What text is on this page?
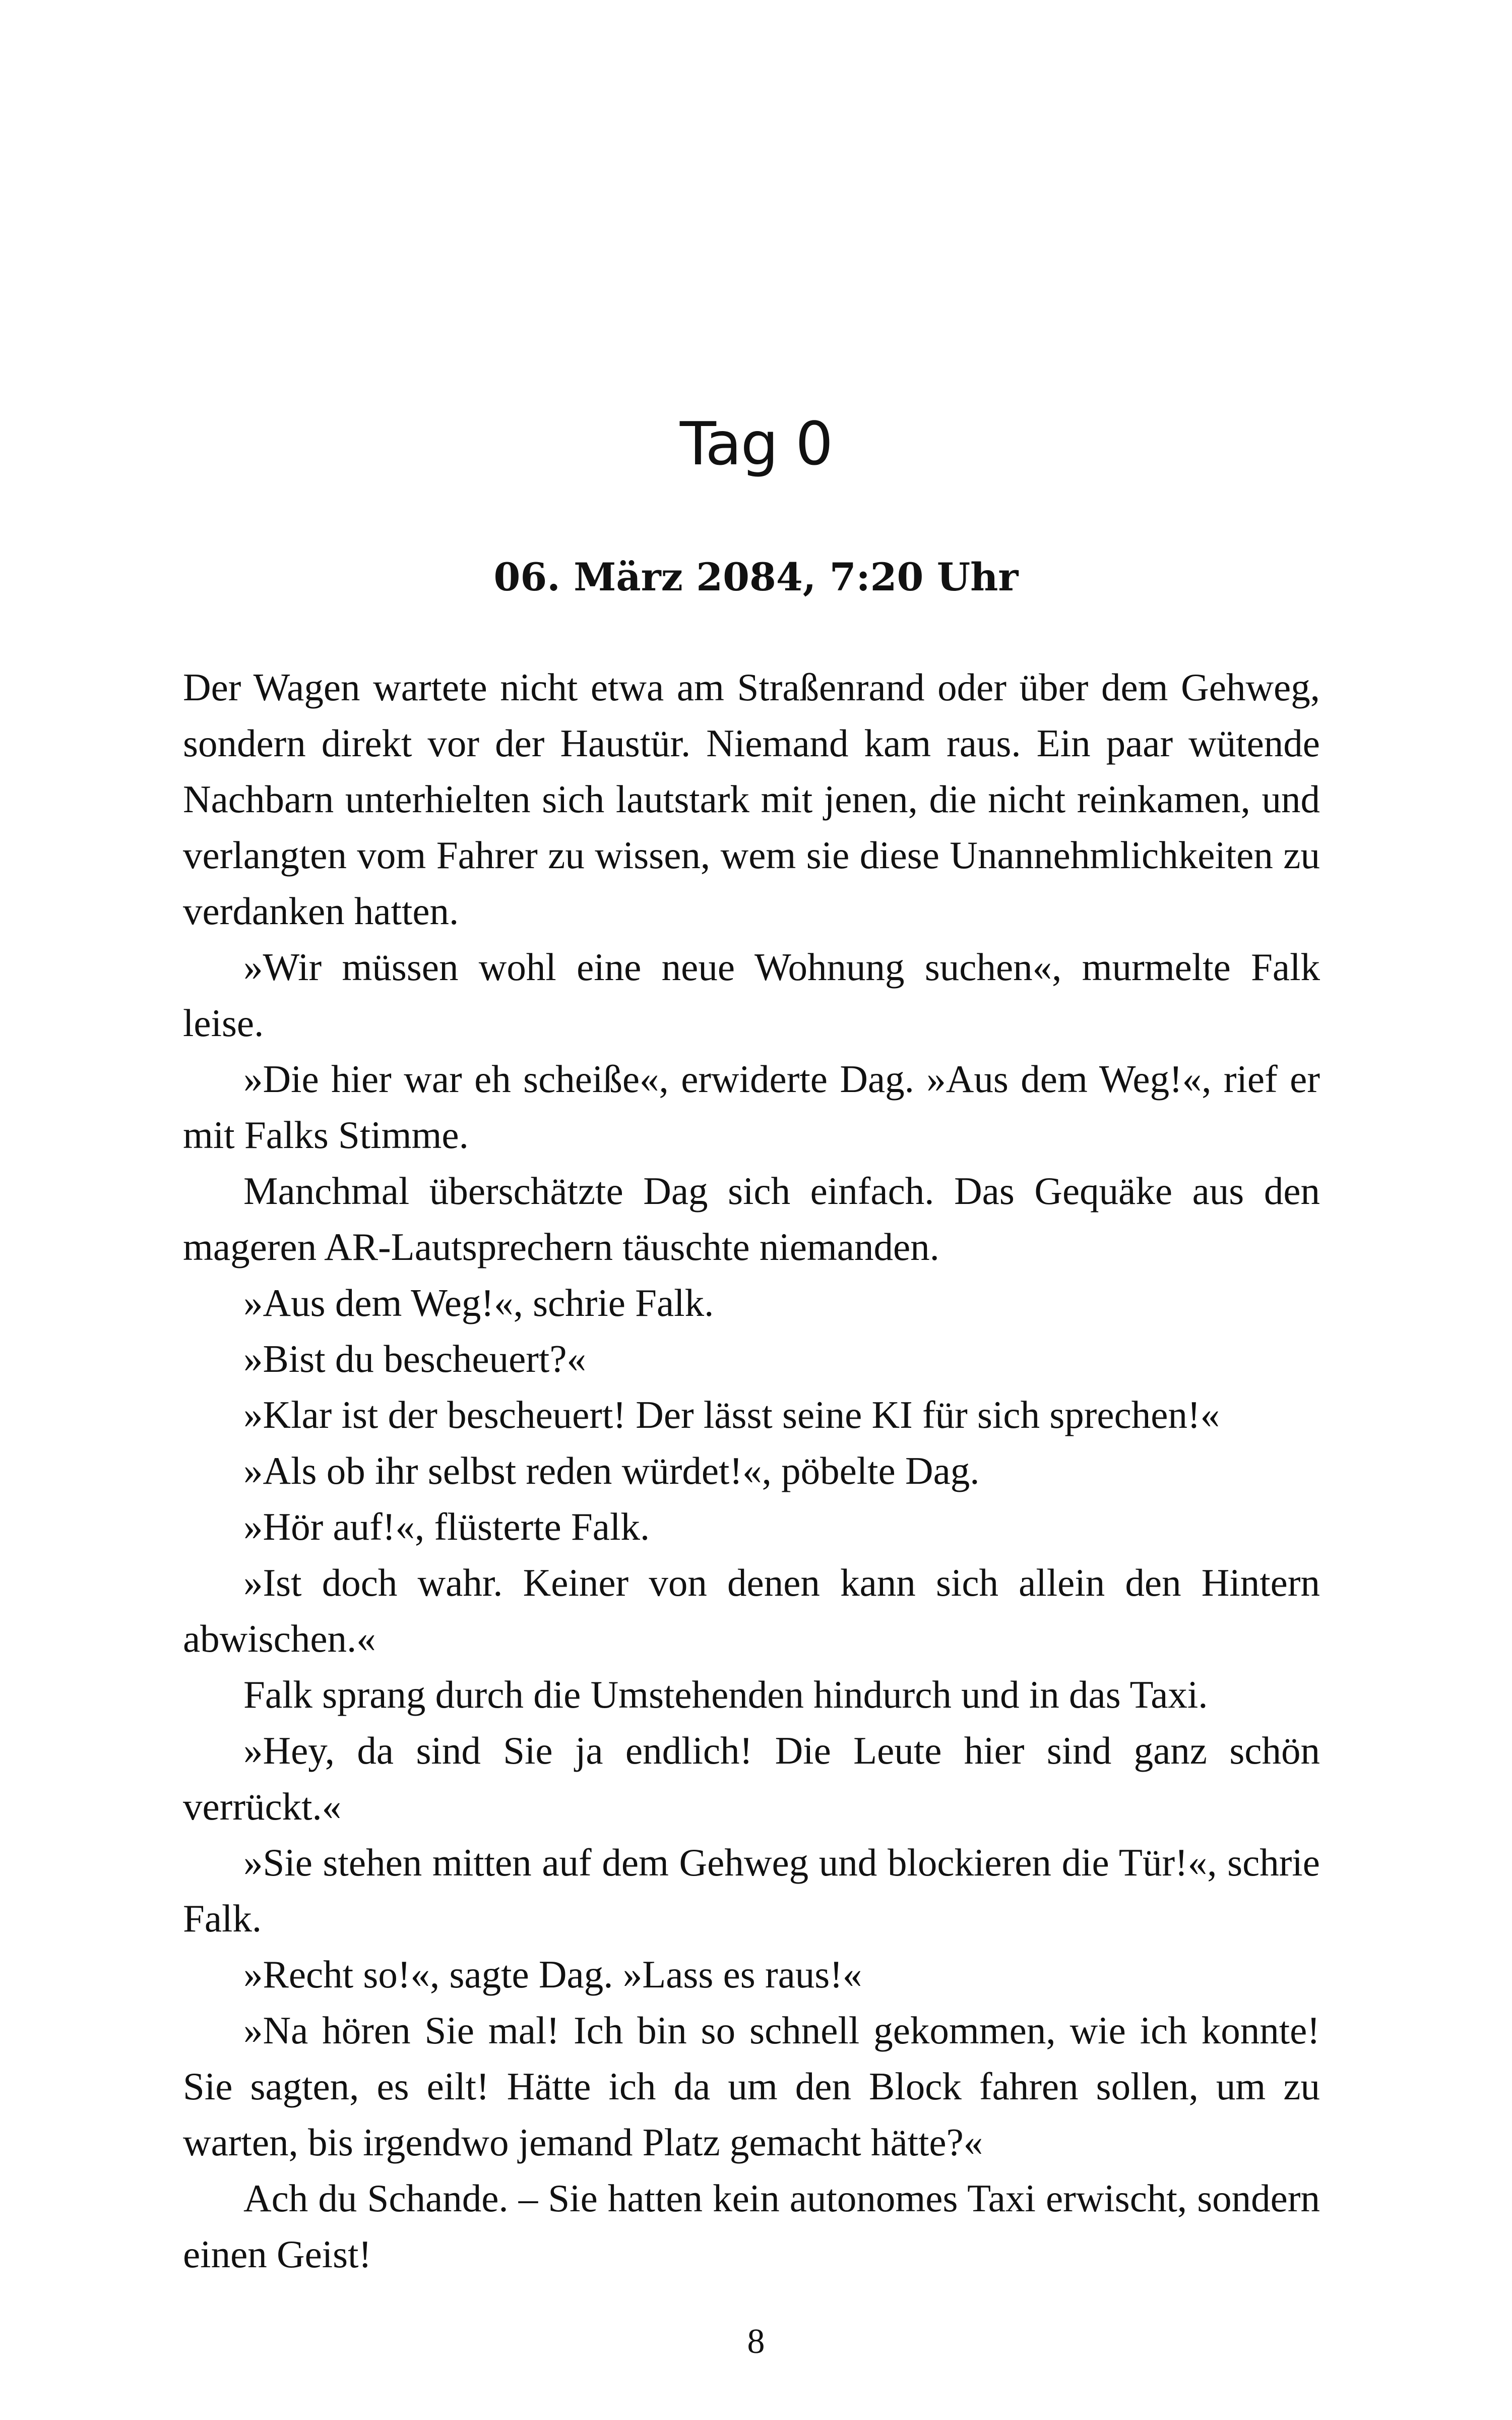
Tag 0
06. März 2084, 7:20 Uhr

Der Wagen wartete nicht etwa am Straßenrand oder über dem Gehweg, sondern direkt vor der Haustür. Niemand kam raus. Ein paar wütende Nachbarn unterhielten sich lautstark mit jenen, die nicht reinkamen, und verlangten vom Fahrer zu wissen, wem sie diese Unannehmlichkeiten zu verdanken hatten.

»Wir müssen wohl eine neue Wohnung suchen«, murmelte Falk leise.

»Die hier war eh scheiße«, erwiderte Dag. »Aus dem Weg!«, rief er mit Falks Stimme.

Manchmal überschätzte Dag sich einfach. Das Gequäke aus den mageren AR-Lautsprechern täuschte niemanden.

»Aus dem Weg!«, schrie Falk.

»Bist du bescheuert?«

»Klar ist der bescheuert! Der lässt seine KI für sich sprechen!«

»Als ob ihr selbst reden würdet!«, pöbelte Dag.

»Hör auf!«, flüsterte Falk.

»Ist doch wahr. Keiner von denen kann sich allein den Hintern abwischen.«

Falk sprang durch die Umstehenden hindurch und in das Taxi.

»Hey, da sind Sie ja endlich! Die Leute hier sind ganz schön verrückt.«

»Sie stehen mitten auf dem Gehweg und blockieren die Tür!«, schrie Falk.

»Recht so!«, sagte Dag. »Lass es raus!«

»Na hören Sie mal! Ich bin so schnell gekommen, wie ich konnte! Sie sagten, es eilt! Hätte ich da um den Block fahren sollen, um zu warten, bis irgendwo jemand Platz gemacht hätte?«

Ach du Schande. – Sie hatten kein autonomes Taxi erwischt, sondern einen Geist!

8
